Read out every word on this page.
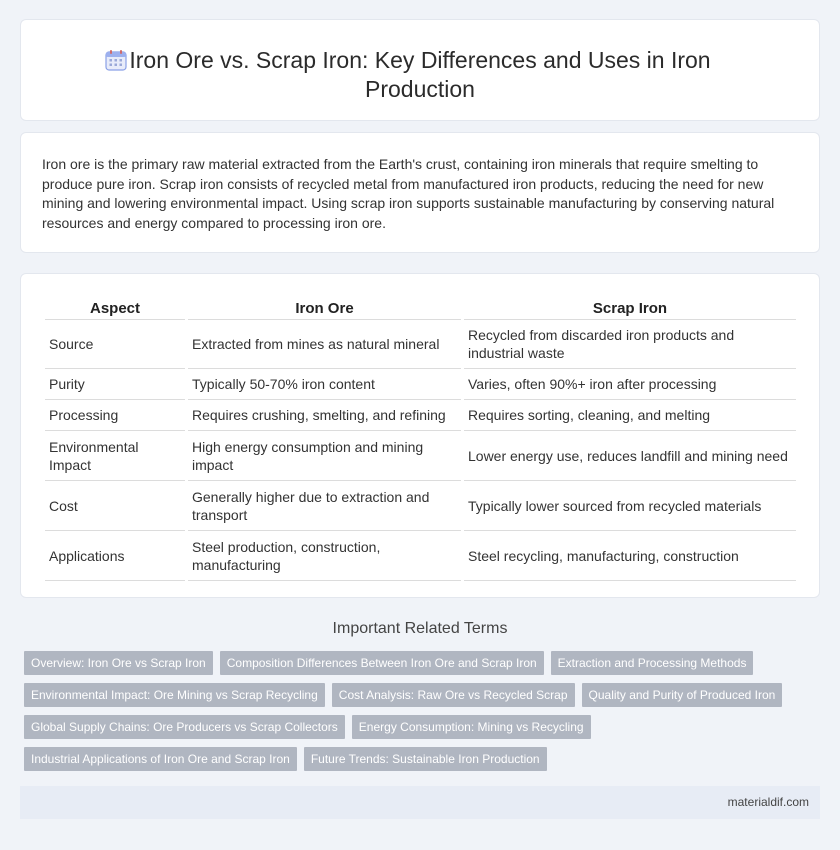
Iron Ore vs. Scrap Iron: Key Differences and Uses in Iron Production

Iron ore is the primary raw material extracted from the Earth's crust, containing iron minerals that require smelting to produce pure iron. Scrap iron consists of recycled metal from manufactured iron products, reducing the need for new mining and lowering environmental impact. Using scrap iron supports sustainable manufacturing by conserving natural resources and energy compared to processing iron ore.

Aspect	Iron Ore	Scrap Iron
Source	Extracted from mines as natural mineral	Recycled from discarded iron products and industrial waste
Purity	Typically 50-70% iron content	Varies, often 90%+ iron after processing
Processing	Requires crushing, smelting, and refining	Requires sorting, cleaning, and melting
Environmental Impact	High energy consumption and mining impact	Lower energy use, reduces landfill and mining need
Cost	Generally higher due to extraction and transport	Typically lower sourced from recycled materials
Applications	Steel production, construction, manufacturing	Steel recycling, manufacturing, construction
Important Related Terms
Overview: Iron Ore vs Scrap Iron	Composition Differences Between Iron Ore and Scrap Iron	Extraction and Processing Methods
Environmental Impact: Ore Mining vs Scrap Recycling	Cost Analysis: Raw Ore vs Recycled Scrap	Quality and Purity of Produced Iron
Global Supply Chains: Ore Producers vs Scrap Collectors	Energy Consumption: Mining vs Recycling
Industrial Applications of Iron Ore and Scrap Iron	Future Trends: Sustainable Iron Production
materialdif.com
